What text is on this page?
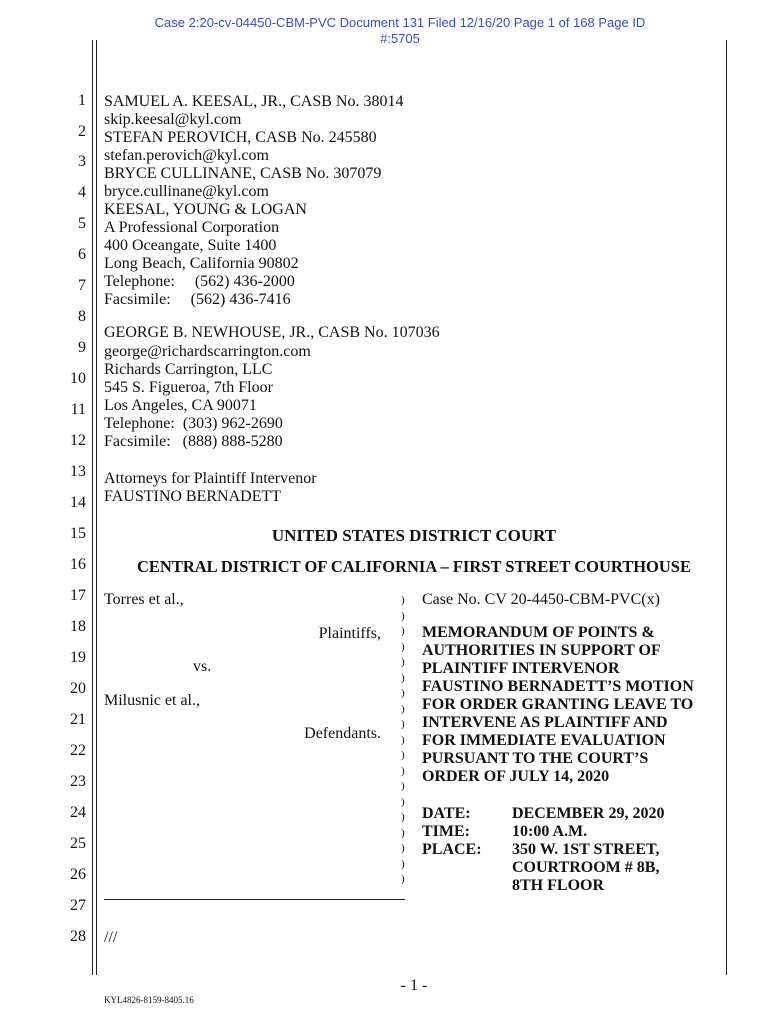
Case 2:20-cv-04450-CBM-PVC Document 131 Filed 12/16/20 Page 1 of 168 Page ID
#:5705
1
2
3
4
5
6
7
8
9
10
11
12
13
14
15
16
17
18
19
20
21
22
23
24
25
26
27
28
SAMUEL A. KEESAL, JR., CASB No. 38014
skip.keesal@kyl.com
STEFAN PEROVICH, CASB No. 245580
stefan.perovich@kyl.com
BRYCE CULLINANE, CASB No. 307079
bryce.cullinane@kyl.com
KEESAL, YOUNG & LOGAN
A Professional Corporation
400 Oceangate, Suite 1400
Long Beach, California 90802
Telephone:     (562) 436-2000
Facsimile:     (562) 436-7416
GEORGE B. NEWHOUSE, JR., CASB No. 107036
george@richardscarrington.com
Richards Carrington, LLC
545 S. Figueroa, 7th Floor
Los Angeles, CA 90071
Telephone:  (303) 962-2690
Facsimile:   (888) 888-5280
Attorneys for Plaintiff Intervenor
FAUSTINO BERNADETT
UNITED STATES DISTRICT COURT
CENTRAL DISTRICT OF CALIFORNIA – FIRST STREET COURTHOUSE
Torres et al.,
Plaintiffs,
vs.
Milusnic et al.,
Defendants.
)
)
)
)
)
)
)
)
)
)
)
)
)
)
)
)
)
)
)
Case No. CV 20-4450-CBM-PVC(x)
MEMORANDUM OF POINTS &
AUTHORITIES IN SUPPORT OF
PLAINTIFF INTERVENOR
FAUSTINO BERNADETT’S MOTION
FOR ORDER GRANTING LEAVE TO
INTERVENE AS PLAINTIFF AND
FOR IMMEDIATE EVALUATION
PURSUANT TO THE COURT’S
ORDER OF JULY 14, 2020
DATE:	DECEMBER 29, 2020
TIME:	10:00 A.M.
PLACE: 350 W. 1ST STREET,
COURTROOM # 8B,
8TH FLOOR
///
- 1 -
KYL4826-8159-8405.16
